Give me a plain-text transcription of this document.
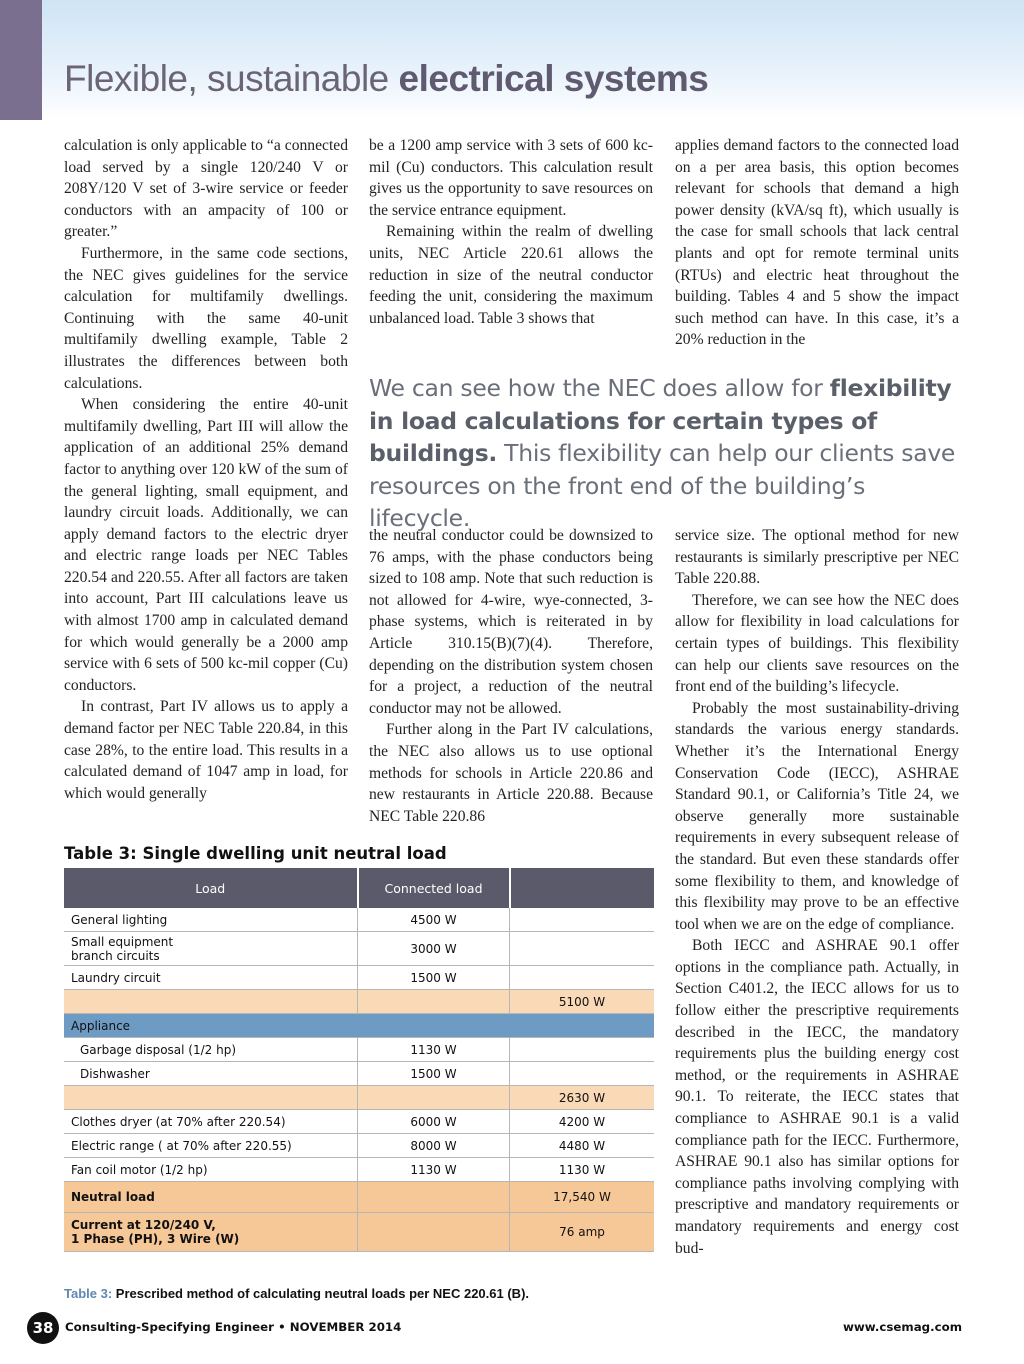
Flexible, sustainable electrical systems

calculation is only applicable to “a connected load served by a single 120/240 V or 208Y/120 V set of 3-wire service or feeder conductors with an ampacity of 100 or greater.”

Furthermore, in the same code sections, the NEC gives guidelines for the service calculation for multifamily dwellings. Continuing with the same 40-unit multifamily dwelling example, Table 2 illustrates the differences between both calculations.

When considering the entire 40-unit multifamily dwelling, Part III will allow the application of an additional 25% demand factor to anything over 120 kW of the sum of the general lighting, small equipment, and laundry circuit loads. Additionally, we can apply demand factors to the electric dryer and electric range loads per NEC Tables 220.54 and 220.55. After all factors are taken into account, Part III calculations leave us with almost 1700 amp in calculated demand for which would generally be a 2000 amp service with 6 sets of 500 kc-mil copper (Cu) conductors.

In contrast, Part IV allows us to apply a demand factor per NEC Table 220.84, in this case 28%, to the entire load. This results in a calculated demand of 1047 amp in load, for which would generally

be a 1200 amp service with 3 sets of 600 kc-mil (Cu) conductors. This calculation result gives us the opportunity to save resources on the service entrance equipment.

Remaining within the realm of dwelling units, NEC Article 220.61 allows the reduction in size of the neutral conductor feeding the unit, considering the maximum unbalanced load. Table 3 shows that

applies demand factors to the connected load on a per area basis, this option becomes relevant for schools that demand a high power density (kVA/sq ft), which usually is the case for small schools that lack central plants and opt for remote terminal units (RTUs) and electric heat throughout the building. Tables 4 and 5 show the impact such method can have. In this case, it’s a 20% reduction in the

We can see how the NEC does allow for flexibility in load calculations for certain types of buildings. This flexibility can help our clients save resources on the front end of the building’s lifecycle.

the neutral conductor could be downsized to 76 amps, with the phase conductors being sized to 108 amp. Note that such reduction is not allowed for 4-wire, wye-connected, 3-phase systems, which is reiterated in by Article 310.15(B)(7)(4). Therefore, depending on the distribution system chosen for a project, a reduction of the neutral conductor may not be allowed.

Further along in the Part IV calculations, the NEC also allows us to use optional methods for schools in Article 220.86 and new restaurants in Article 220.88. Because NEC Table 220.86

service size. The optional method for new restaurants is similarly prescriptive per NEC Table 220.88.

Therefore, we can see how the NEC does allow for flexibility in load calculations for certain types of buildings. This flexibility can help our clients save resources on the front end of the building’s lifecycle.

Probably the most sustainability-driving standards the various energy standards. Whether it’s the International Energy Conservation Code (IECC), ASHRAE Standard 90.1, or California’s Title 24, we observe generally more sustainable requirements in every subsequent release of the standard. But even these standards offer some flexibility to them, and knowledge of this flexibility may prove to be an effective tool when we are on the edge of compliance.

Both IECC and ASHRAE 90.1 offer options in the compliance path. Actually, in Section C401.2, the IECC allows for us to follow either the prescriptive requirements described in the IECC, the mandatory requirements plus the building energy cost method, or the requirements in ASHRAE 90.1. To reiterate, the IECC states that compliance to ASHRAE 90.1 is a valid compliance path for the IECC. Furthermore, ASHRAE 90.1 also has similar options for compliance paths involving complying with prescriptive and mandatory requirements or mandatory requirements and energy cost bud-

Table 3: Single dwelling unit neutral load

Load	Connected load	
General lighting	4500 W	
Small equipment
branch circuits	3000 W	
Laundry circuit	1500 W	
		5100 W
Appliance		
Garbage disposal (1/2 hp)	1130 W	
Dishwasher	1500 W	
		2630 W
Clothes dryer (at 70% after 220.54)	6000 W	4200 W
Electric range ( at 70% after 220.55)	8000 W	4480 W
Fan coil motor (1/2 hp)	1130 W	1130 W
Neutral load		17,540 W
Current at 120/240 V,
1 Phase (PH), 3 Wire (W)		76 amp

Table 3: Prescribed method of calculating neutral loads per NEC 220.61 (B).

38 Consulting-Specifying Engineer • NOVEMBER 2014	www.csemag.com
